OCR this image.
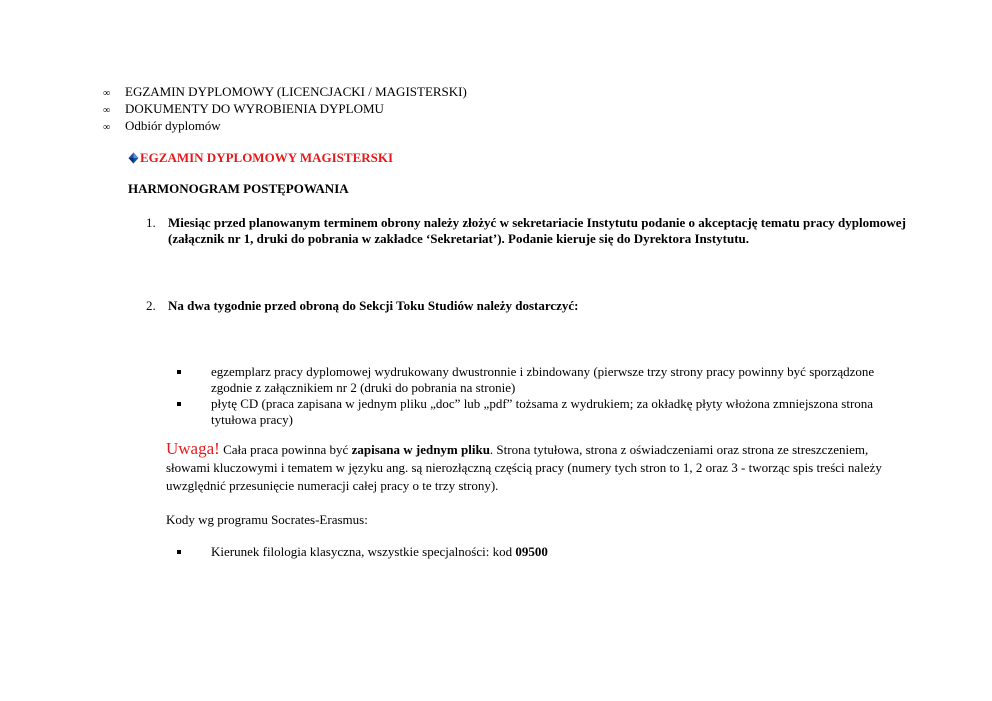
∞ EGZAMIN DYPLOMOWY (LICENCJACKI / MAGISTERSKI)
∞ DOKUMENTY DO WYROBIENIA DYPLOMU
∞ Odbiór dyplomów
EGZAMIN DYPLOMOWY MAGISTERSKI
HARMONOGRAM POSTĘPOWANIA
1. Miesiąc przed planowanym terminem obrony należy złożyć w sekretariacie Instytutu podanie o akceptację tematu pracy dyplomowej (załącznik nr 1, druki do pobrania w zakładce ‘Sekretariat’). Podanie kieruje się do Dyrektora Instytutu.
2. Na dwa tygodnie przed obroną do Sekcji Toku Studiów należy dostarczyć:
egzemplarz pracy dyplomowej wydrukowany dwustronnie i zbindowany (pierwsze trzy strony pracy powinny być sporządzone zgodnie z załącznikiem nr 2 (druki do pobrania na stronie)
płytę CD (praca zapisana w jednym pliku „doc” lub „pdf” tożsama z wydrukiem; za okładkę płyty włożona zmniejszona strona tytułowa pracy)
Uwaga! Cała praca powinna być zapisana w jednym pliku. Strona tytułowa, strona z oświadczeniami oraz strona ze streszczeniem, słowami kluczowymi i tematem w języku ang. są nierozłączną częścią pracy (numery tych stron to 1, 2 oraz 3 - tworząc spis treści należy uwzględnić przesunięcie numeracji całej pracy o te trzy strony).
Kody wg programu Socrates-Erasmus:
Kierunek filologia klasyczna, wszystkie specjalności: kod 09500
